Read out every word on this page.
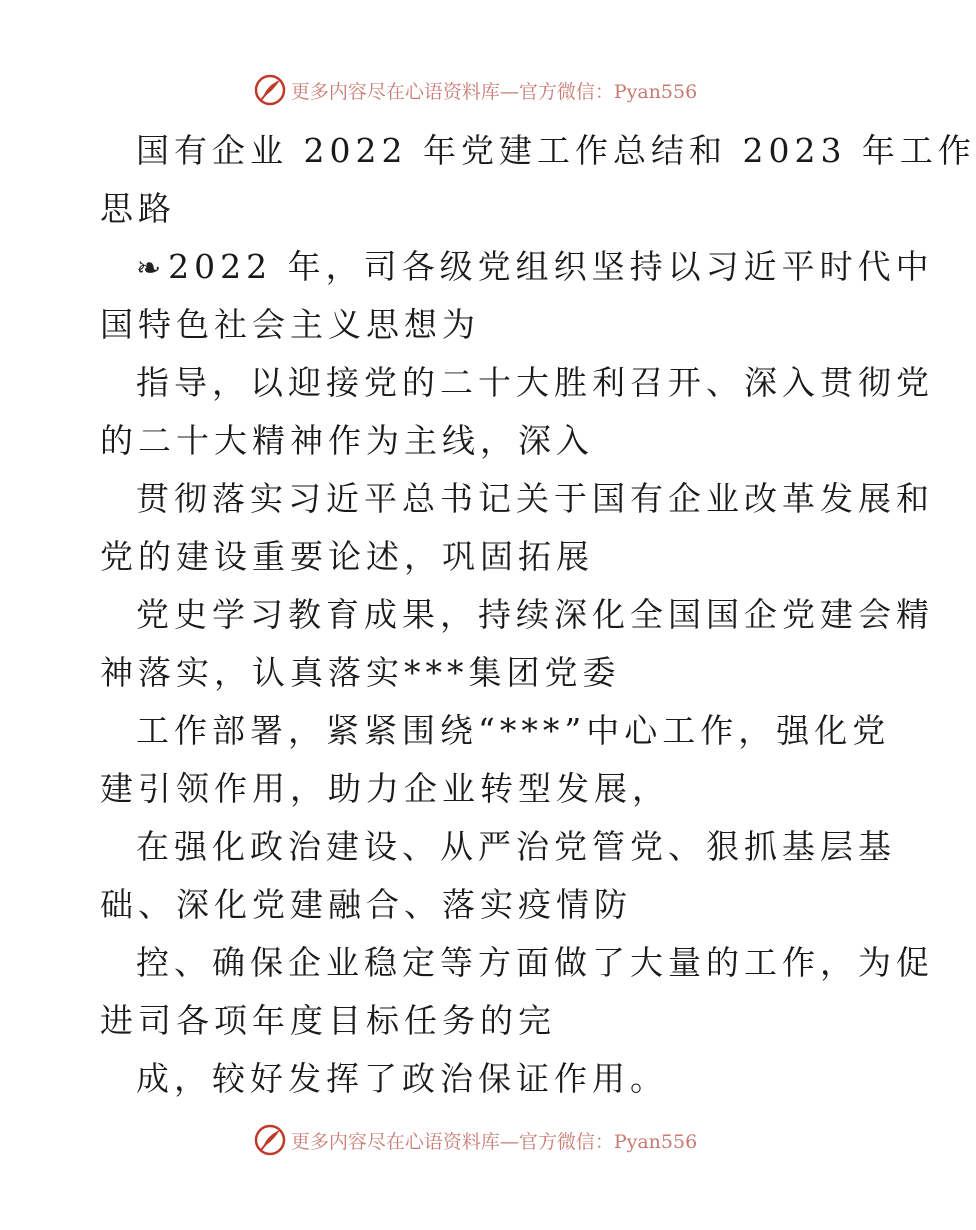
更多内容尽在心语资料库—官方微信：Pyan556
国有企业 2022 年党建工作总结和 2023 年工作
思路
❧2022 年，司各级党组织坚持以习近平时代中
国特色社会主义思想为
指导，以迎接党的二十大胜利召开、深入贯彻党
的二十大精神作为主线，深入
贯彻落实习近平总书记关于国有企业改革发展和
党的建设重要论述，巩固拓展
党史学习教育成果，持续深化全国国企党建会精
神落实，认真落实***集团党委
工作部署，紧紧围绕“***”中心工作，强化党
建引领作用，助力企业转型发展，
在强化政治建设、从严治党管党、狠抓基层基
础、深化党建融合、落实疫情防
控、确保企业稳定等方面做了大量的工作，为促
进司各项年度目标任务的完
成，较好发挥了政治保证作用。
更多内容尽在心语资料库—官方微信：Pyan556
